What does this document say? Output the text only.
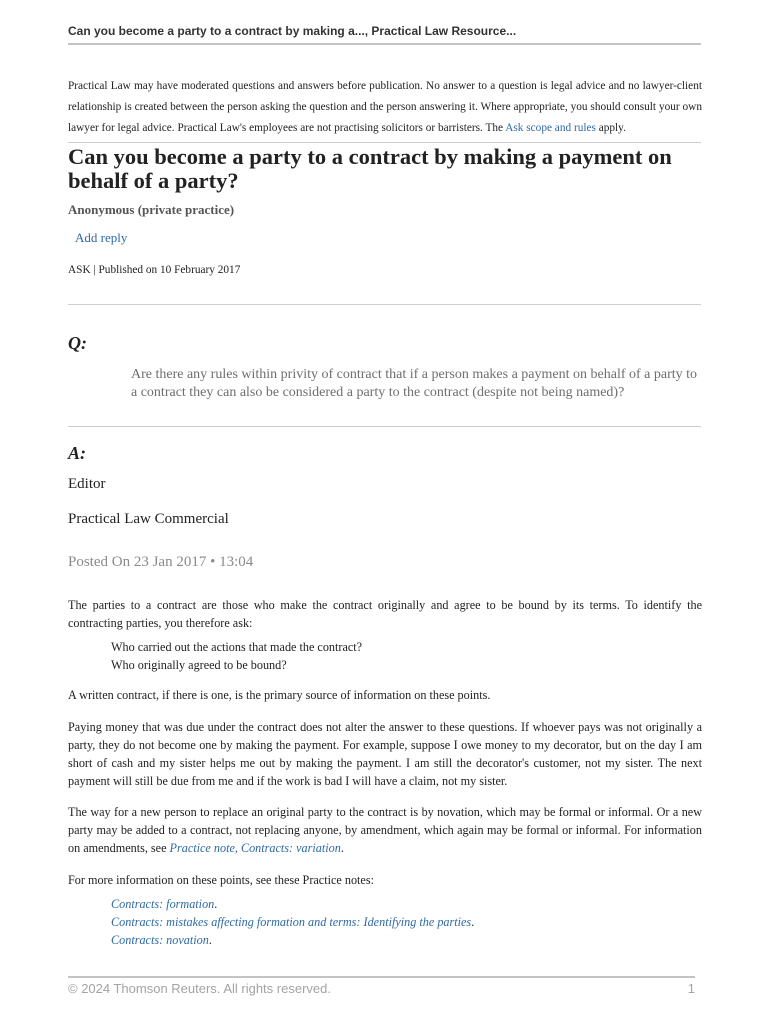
Can you become a party to a contract by making a..., Practical Law Resource...

Practical Law may have moderated questions and answers before publication. No answer to a question is legal advice and no lawyer-client relationship is created between the person asking the question and the person answering it. Where appropriate, you should consult your own lawyer for legal advice. Practical Law's employees are not practising solicitors or barristers. The Ask scope and rules apply.

Can you become a party to a contract by making a payment on behalf of a party?
Anonymous (private practice)
Add reply
ASK | Published on 10 February 2017
Q:
Are there any rules within privity of contract that if a person makes a payment on behalf of a party to a contract they can also be considered a party to the contract (despite not being named)?
A:
Editor
Practical Law Commercial
Posted On 23 Jan 2017 • 13:04

The parties to a contract are those who make the contract originally and agree to be bound by its terms. To identify the contracting parties, you therefore ask:

Who carried out the actions that made the contract?
Who originally agreed to be bound?

A written contract, if there is one, is the primary source of information on these points.

Paying money that was due under the contract does not alter the answer to these questions. If whoever pays was not originally a party, they do not become one by making the payment. For example, suppose I owe money to my decorator, but on the day I am short of cash and my sister helps me out by making the payment. I am still the decorator's customer, not my sister. The next payment will still be due from me and if the work is bad I will have a claim, not my sister.

The way for a new person to replace an original party to the contract is by novation, which may be formal or informal. Or a new party may be added to a contract, not replacing anyone, by amendment, which again may be formal or informal. For information on amendments, see Practice note, Contracts: variation.

For more information on these points, see these Practice notes:

Contracts: formation.
Contracts: mistakes affecting formation and terms: Identifying the parties.
Contracts: novation.
© 2024 Thomson Reuters. All rights reserved.	1
